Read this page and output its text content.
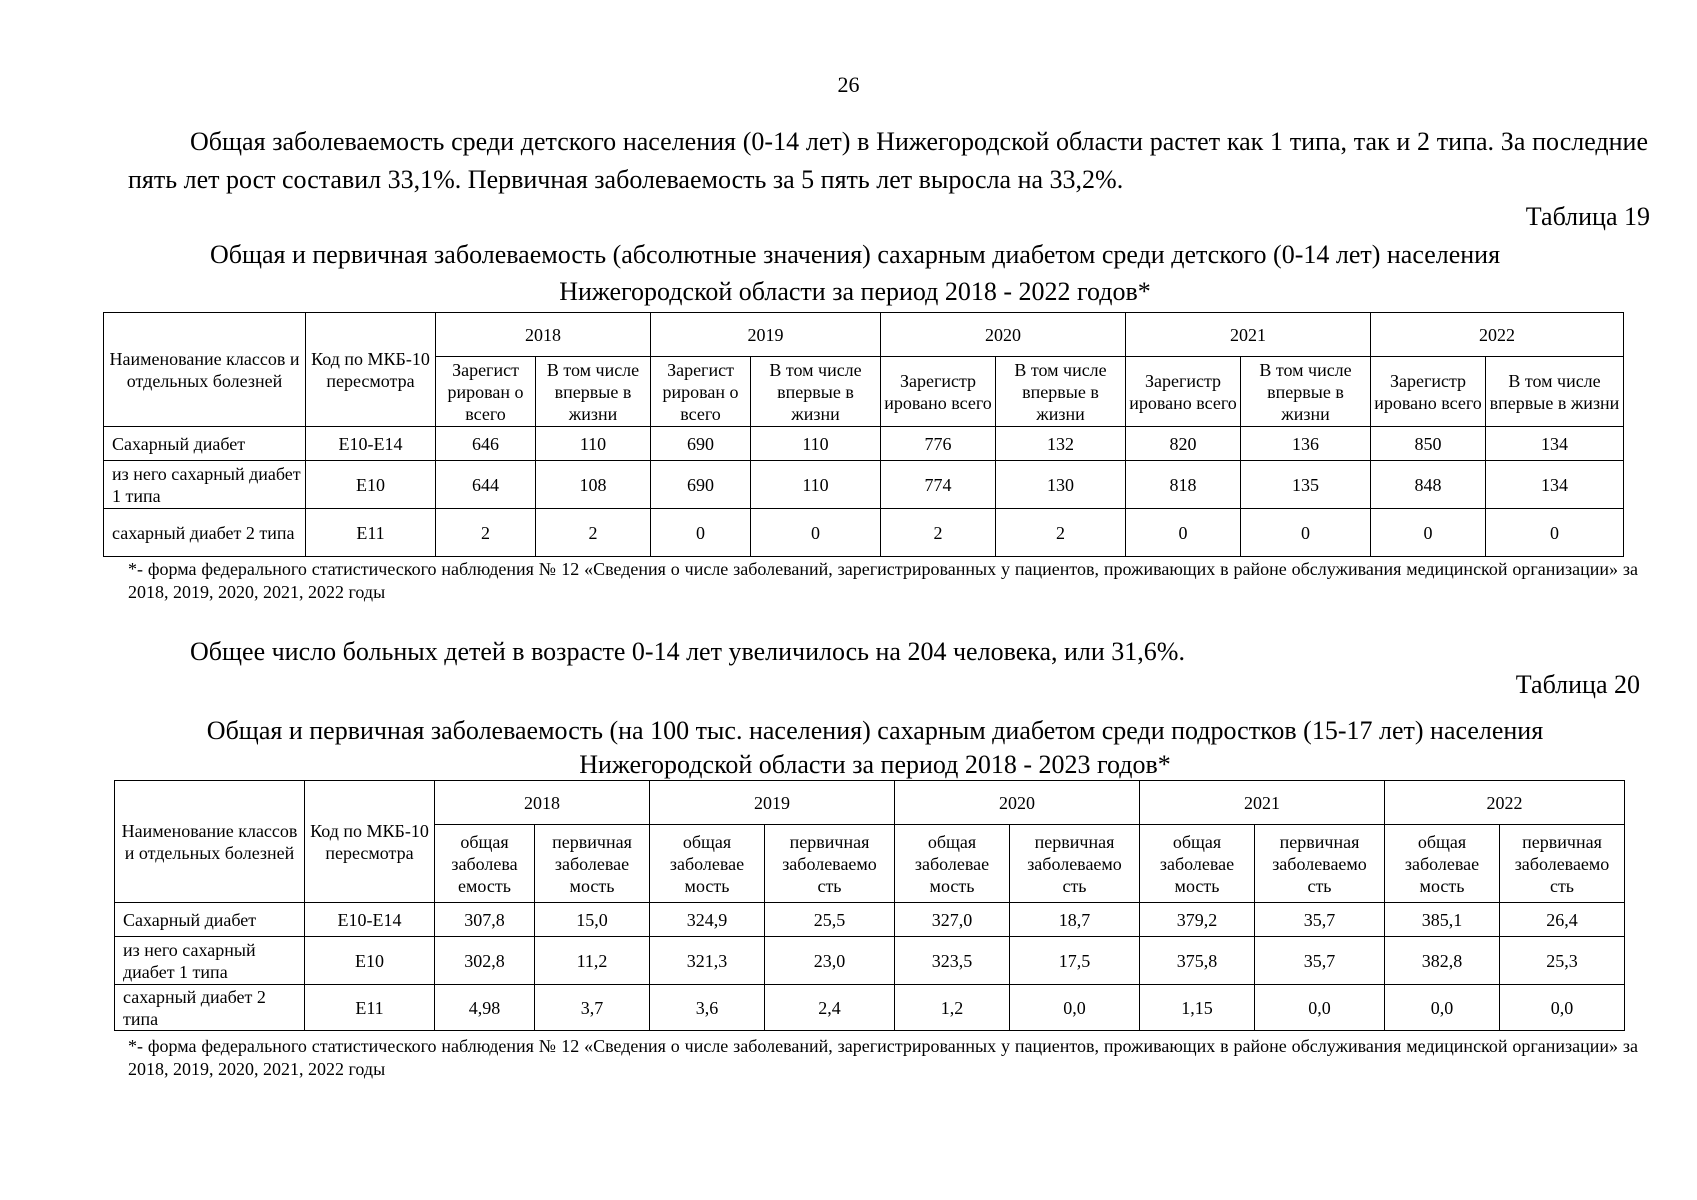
26
Общая заболеваемость среди детского населения (0-14 лет) в Нижегородской области растет как 1 типа, так и 2 типа. За последние пять лет рост составил 33,1%. Первичная заболеваемость за 5 пять лет выросла на 33,2%.
Таблица 19
Общая и первичная заболеваемость (абсолютные значения) сахарным диабетом среди детского (0-14 лет) населения
Нижегородской области за период 2018 - 2022 годов*
Наименование классов и отдельных болезней	Код по МКБ-10 пересмотра	2018		2019		2020		2021		2022	
		Зарегист рирован о всего	В том числе впервые в жизни	Зарегист рирован о всего	В том числе впервые в жизни	Зарегистр ировано всего	В том числе впервые в жизни	Зарегистр ировано всего	В том числе впервые в жизни	Зарегистр ировано всего	В том числе впервые в жизни
Сахарный диабет	Е10-Е14	646	110	690	110	776	132	820	136	850	134
из него сахарный диабет 1 типа	Е10	644	108	690	110	774	130	818	135	848	134
сахарный диабет 2 типа	Е11	2	2	0	0	2	2	0	0	0	0
*- форма федерального статистического наблюдения № 12 «Сведения о числе заболеваний, зарегистрированных у пациентов, проживающих в районе обслуживания медицинской организации» за 2018, 2019, 2020, 2021, 2022 годы
Общее число больных детей в возрасте 0-14 лет увеличилось на 204 человека, или 31,6%.
Таблица 20
Общая и первичная заболеваемость (на 100 тыс. населения) сахарным диабетом среди подростков (15-17 лет) населения
Нижегородской области за период 2018 - 2023 годов*
Наименование классов и отдельных болезней	Код по МКБ-10 пересмотра	2018		2019		2020		2021		2022	
		общая заболева емость	первичная заболевае мость	общая заболевае мость	первичная заболеваемо сть	общая заболевае мость	первичная заболеваемо сть	общая заболевае мость	первичная заболеваемо сть	общая заболевае мость	первичная заболеваемо сть
Сахарный диабет	Е10-Е14	307,8	15,0	324,9	25,5	327,0	18,7	379,2	35,7	385,1	26,4
из него сахарный диабет 1 типа	Е10	302,8	11,2	321,3	23,0	323,5	17,5	375,8	35,7	382,8	25,3
сахарный диабет 2 типа	Е11	4,98	3,7	3,6	2,4	1,2	0,0	1,15	0,0	0,0	0,0
*- форма федерального статистического наблюдения № 12 «Сведения о числе заболеваний, зарегистрированных у пациентов, проживающих в районе обслуживания медицинской организации» за 2018, 2019, 2020, 2021, 2022 годы
